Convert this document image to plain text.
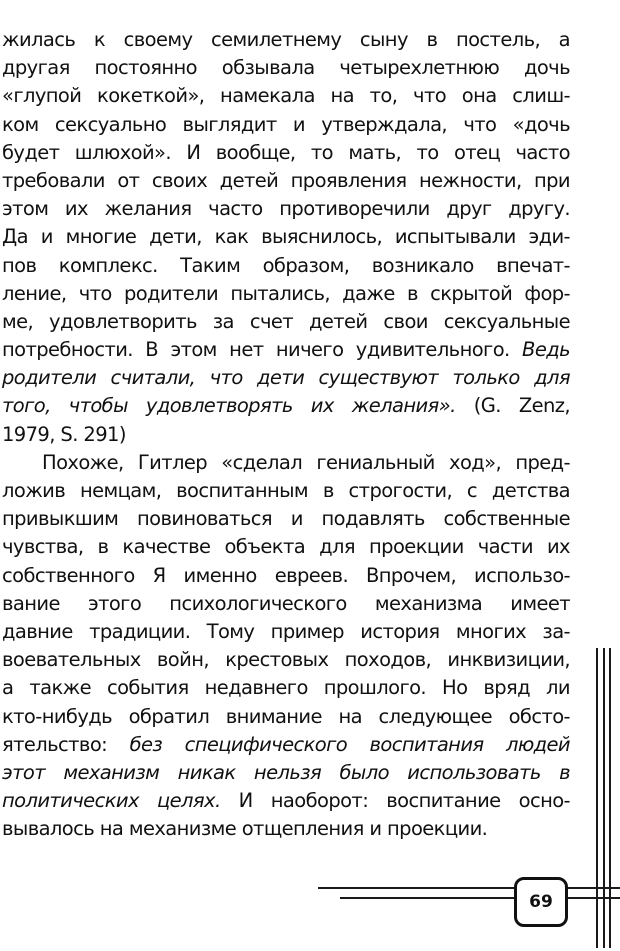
жилась к своему семилетнему сыну в постель, а
другая постоянно обзывала четырехлетнюю дочь
«глупой кокеткой», намекала на то, что она слиш-
ком сексуально выглядит и утверждала, что «дочь
будет шлюхой». И вообще, то мать, то отец часто
требовали от своих детей проявления нежности, при
этом их желания часто противоречили друг другу.
Да и многие дети, как выяснилось, испытывали эди-
пов комплекс. Таким образом, возникало впечат-
ление, что родители пытались, даже в скрытой фор-
ме, удовлетворить за счет детей свои сексуальные
потребности. В этом нет ничего удивительного. Ведь
родители считали, что дети существуют только для
того, чтобы удовлетворять их желания». (G. Zenz,
1979, S. 291)
Похоже, Гитлер «сделал гениальный ход», пред-
ложив немцам, воспитанным в строгости, с детства
привыкшим повиноваться и подавлять собственные
чувства, в качестве объекта для проекции части их
собственного Я именно евреев. Впрочем, использо-
вание этого психологического механизма имеет
давние традиции. Тому пример история многих за-
воевательных войн, крестовых походов, инквизиции,
а также события недавнего прошлого. Но вряд ли
кто-нибудь обратил внимание на следующее обсто-
ятельство: без специфического воспитания людей
этот механизм никак нельзя было использовать в
политических целях. И наоборот: воспитание осно-
вывалось на механизме отщепления и проекции.
69
